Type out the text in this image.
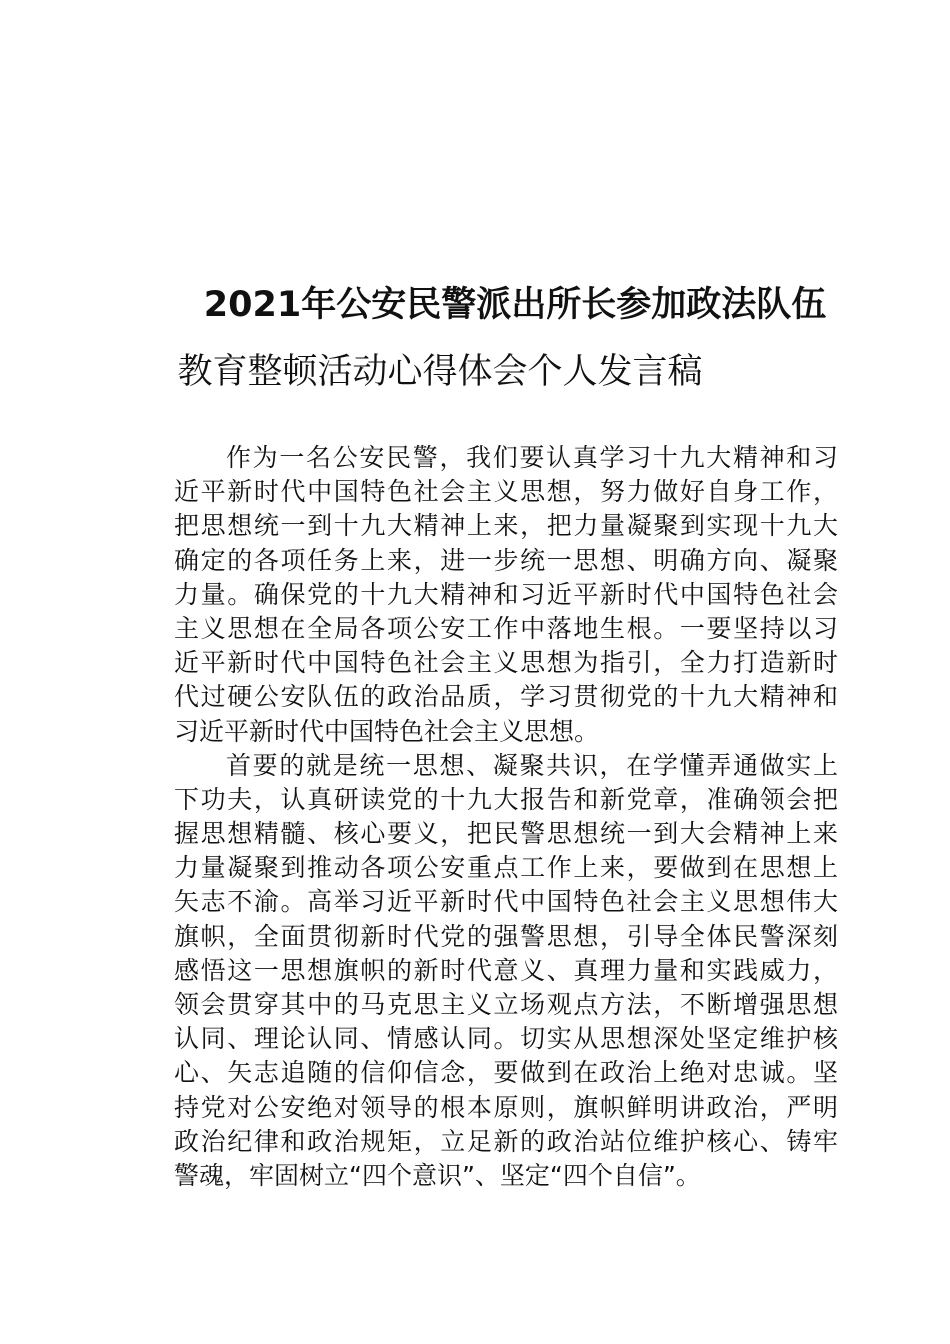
2021年公安民警派出所长参加政法队伍
教育整顿活动心得体会个人发言稿
作为一名公安民警，我们要认真学习十九大精神和习
近平新时代中国特色社会主义思想，努力做好自身工作，
把思想统一到十九大精神上来，把力量凝聚到实现十九大
确定的各项任务上来，进一步统一思想、明确方向、凝聚
力量。确保党的十九大精神和习近平新时代中国特色社会
主义思想在全局各项公安工作中落地生根。一要坚持以习
近平新时代中国特色社会主义思想为指引，全力打造新时
代过硬公安队伍的政治品质，学习贯彻党的十九大精神和
习近平新时代中国特色社会主义思想。
首要的就是统一思想、凝聚共识，在学懂弄通做实上
下功夫，认真研读党的十九大报告和新党章，准确领会把
握思想精髓、核心要义，把民警思想统一到大会精神上来
力量凝聚到推动各项公安重点工作上来，要做到在思想上
矢志不渝。高举习近平新时代中国特色社会主义思想伟大
旗帜，全面贯彻新时代党的强警思想，引导全体民警深刻
感悟这一思想旗帜的新时代意义、真理力量和实践威力，
领会贯穿其中的马克思主义立场观点方法，不断增强思想
认同、理论认同、情感认同。切实从思想深处坚定维护核
心、矢志追随的信仰信念，要做到在政治上绝对忠诚。坚
持党对公安绝对领导的根本原则，旗帜鲜明讲政治，严明
政治纪律和政治规矩，立足新的政治站位维护核心、铸牢
警魂，牢固树立“四个意识”、坚定“四个自信”。
